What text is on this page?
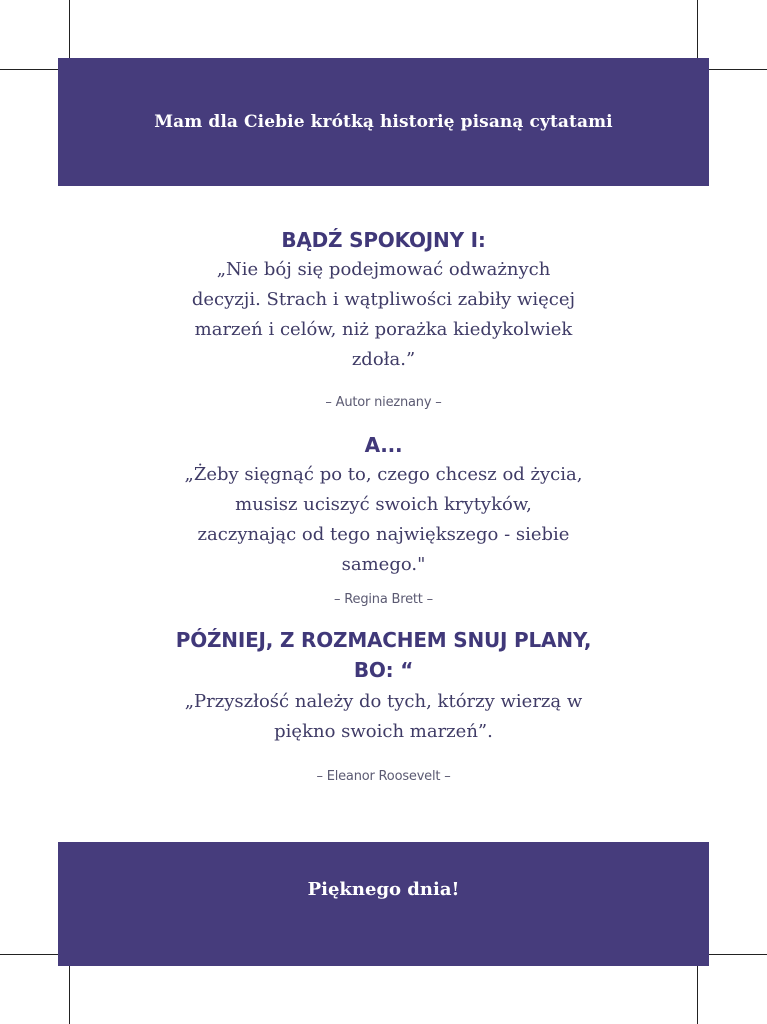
Mam dla Ciebie krótką historię pisaną cytatami
BĄDŹ SPOKOJNY I:
„Nie bój się podejmować odważnych decyzji. Strach i wątpliwości zabiły więcej marzeń i celów, niż porażka kiedykolwiek zdoła.”
– Autor nieznany –
A...
„Żeby sięgnąć po to, czego chcesz od życia, musisz uciszyć swoich krytyków, zaczynając od tego największego - siebie samego."
– Regina Brett –
PÓŹNIEJ, Z ROZMACHEM SNUJ PLANY, BO: “
„Przyszłość należy do tych, którzy wierzą w piękno swoich marzeń”.
– Eleanor Roosevelt –
Pięknego dnia!
